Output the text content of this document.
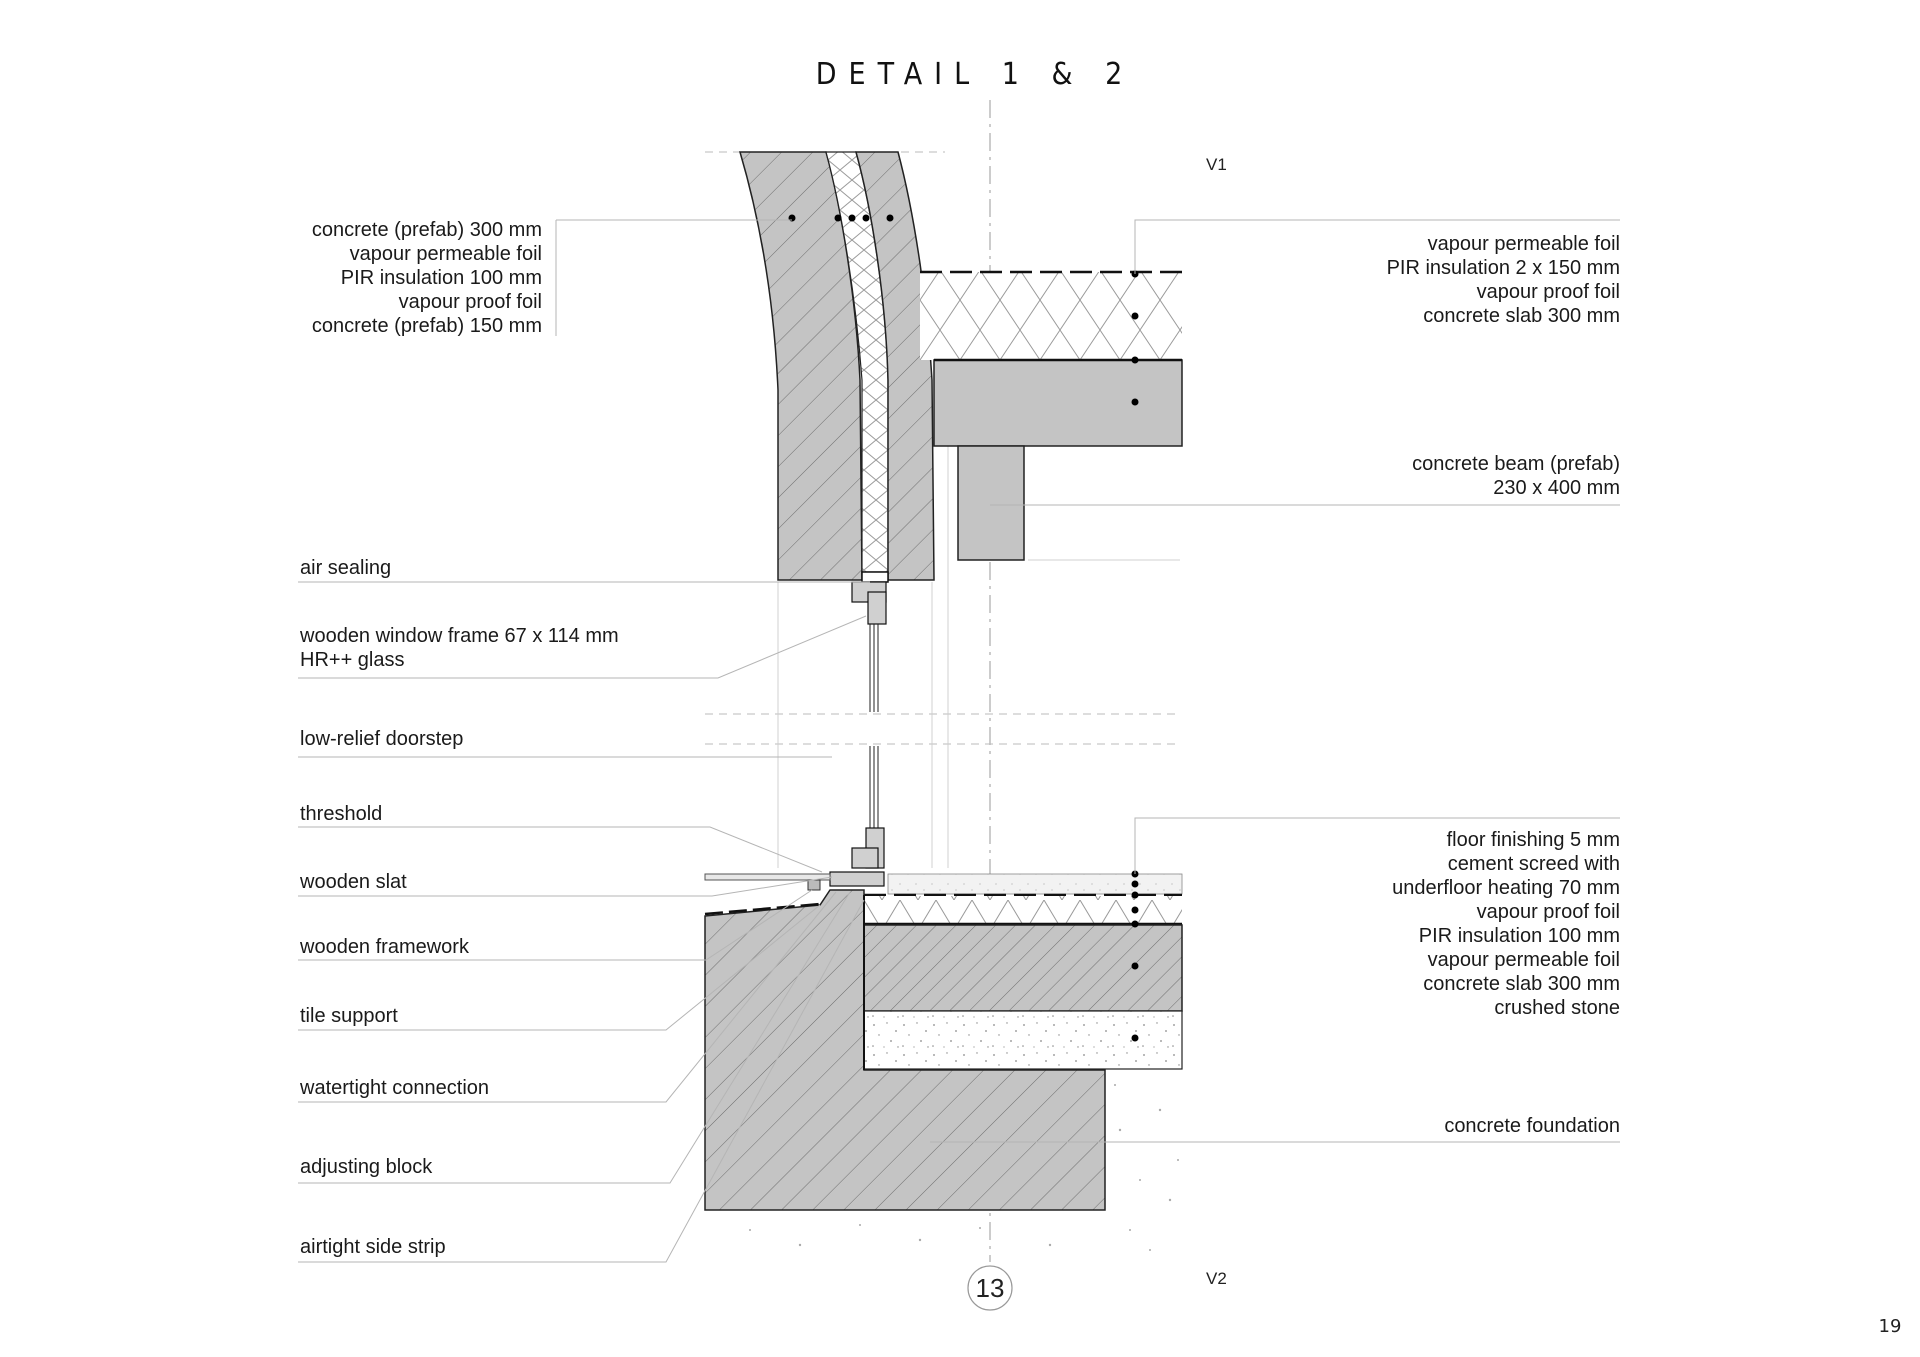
DETAIL 1 & 2
concrete (prefab) 300 mm
vapour permeable foil
PIR insulation 100 mm
vapour proof foil
concrete (prefab) 150 mm
air sealing
wooden window frame 67 x 114 mm
HR++ glass
low-relief doorstep
threshold
wooden slat
wooden framework
tile support
watertight connection
adjusting block
airtight side strip
vapour permeable foil
PIR insulation 2 x 150 mm
vapour proof foil
concrete slab 300 mm
concrete beam (prefab)
230 x 400 mm
floor finishing 5 mm
cement screed with
underfloor heating 70 mm
vapour proof foil
PIR insulation 100 mm
vapour permeable foil
concrete slab 300 mm
crushed stone
concrete foundation
V1
V2
13
19
